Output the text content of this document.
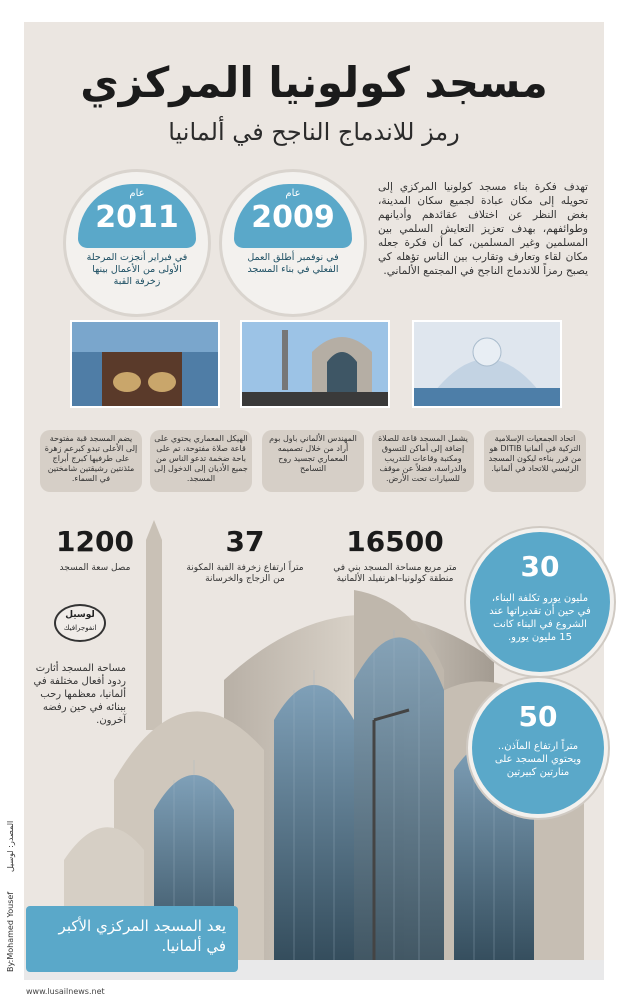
مسجد كولونيا المركزي
رمز للاندماج الناجح في ألمانيا
تهدف فكرة بناء مسجد كولونيا المركزي إلى تحويله إلى مكان عبادة لجميع سكان المدينة، بغض النظر عن اختلاف عقائدهم وأديانهم وطوائفهم، بهدف تعزيز التعايش السلمي بين المسلمين وغير المسلمين، كما أن فكرة جعله مكان لقاء وتعارف وتقارب بين الناس تؤهله كي يصبح رمزاً للاندماج الناجح في المجتمع الألماني.
عام
2009
في نوفمبر أطلق العمل الفعلي في بناء المسجد
عام
2011
في فبراير أنجزت المرحلة الأولى من الأعمال بينها زخرفة القبة
اتحاد الجمعيات الإسلامية التركية في ألمانيا DITIB هو من قرر بناءه ليكون المسجد الرئيسي للاتحاد في ألمانيا.
يشمل المسجد قاعة للصلاة إضافة إلى أماكن للتسوق ومكتبة وقاعات للتدريب والدراسة، فضلاً عن موقف للسيارات تحت الأرض.
المهندس الألماني باول بوم أراد من خلال تصميمه المعماري تجسيد روح التسامح
الهيكل المعماري يحتوي على قاعة صلاة مفتوحة، تم على باحة ضخمة تدعو الناس من جميع الأديان إلى الدخول إلى المسجد.
يضم المسجد قبة مفتوحة إلى الأعلى تبدو كبرعم زهرة على طرفيها كبرج أبراج مئذنتين رشيقتين شامختين في السماء.
16500
متر مربع مساحة المسجد بني في منطقة كولونيا–اهرنفيلد الألمانية
37
متراً ارتفاع زخرفة القبة المكونة من الزجاج والخرسانة
1200
مصل سعة المسجد	30
مليون يورو تكلفة البناء، في حين أن تقديراتها عند الشروع في البناء كانت 15 مليون يورو.
50
متراً ارتفاع المآذن.. ويحتوي المسجد على منارتين كبيرتين
لوسيل
انفوجرافيك
مساحة المسجد أثارت ردود أفعال مختلفة في ألمانيا، معظمها رحب ببنائه في حين رفضه آخرون.
يعد المسجد المركزي الأكبر في ألمانيا.
www.lusailnews.net
By:Mohamed Yousef
المصدر: لوسيل
